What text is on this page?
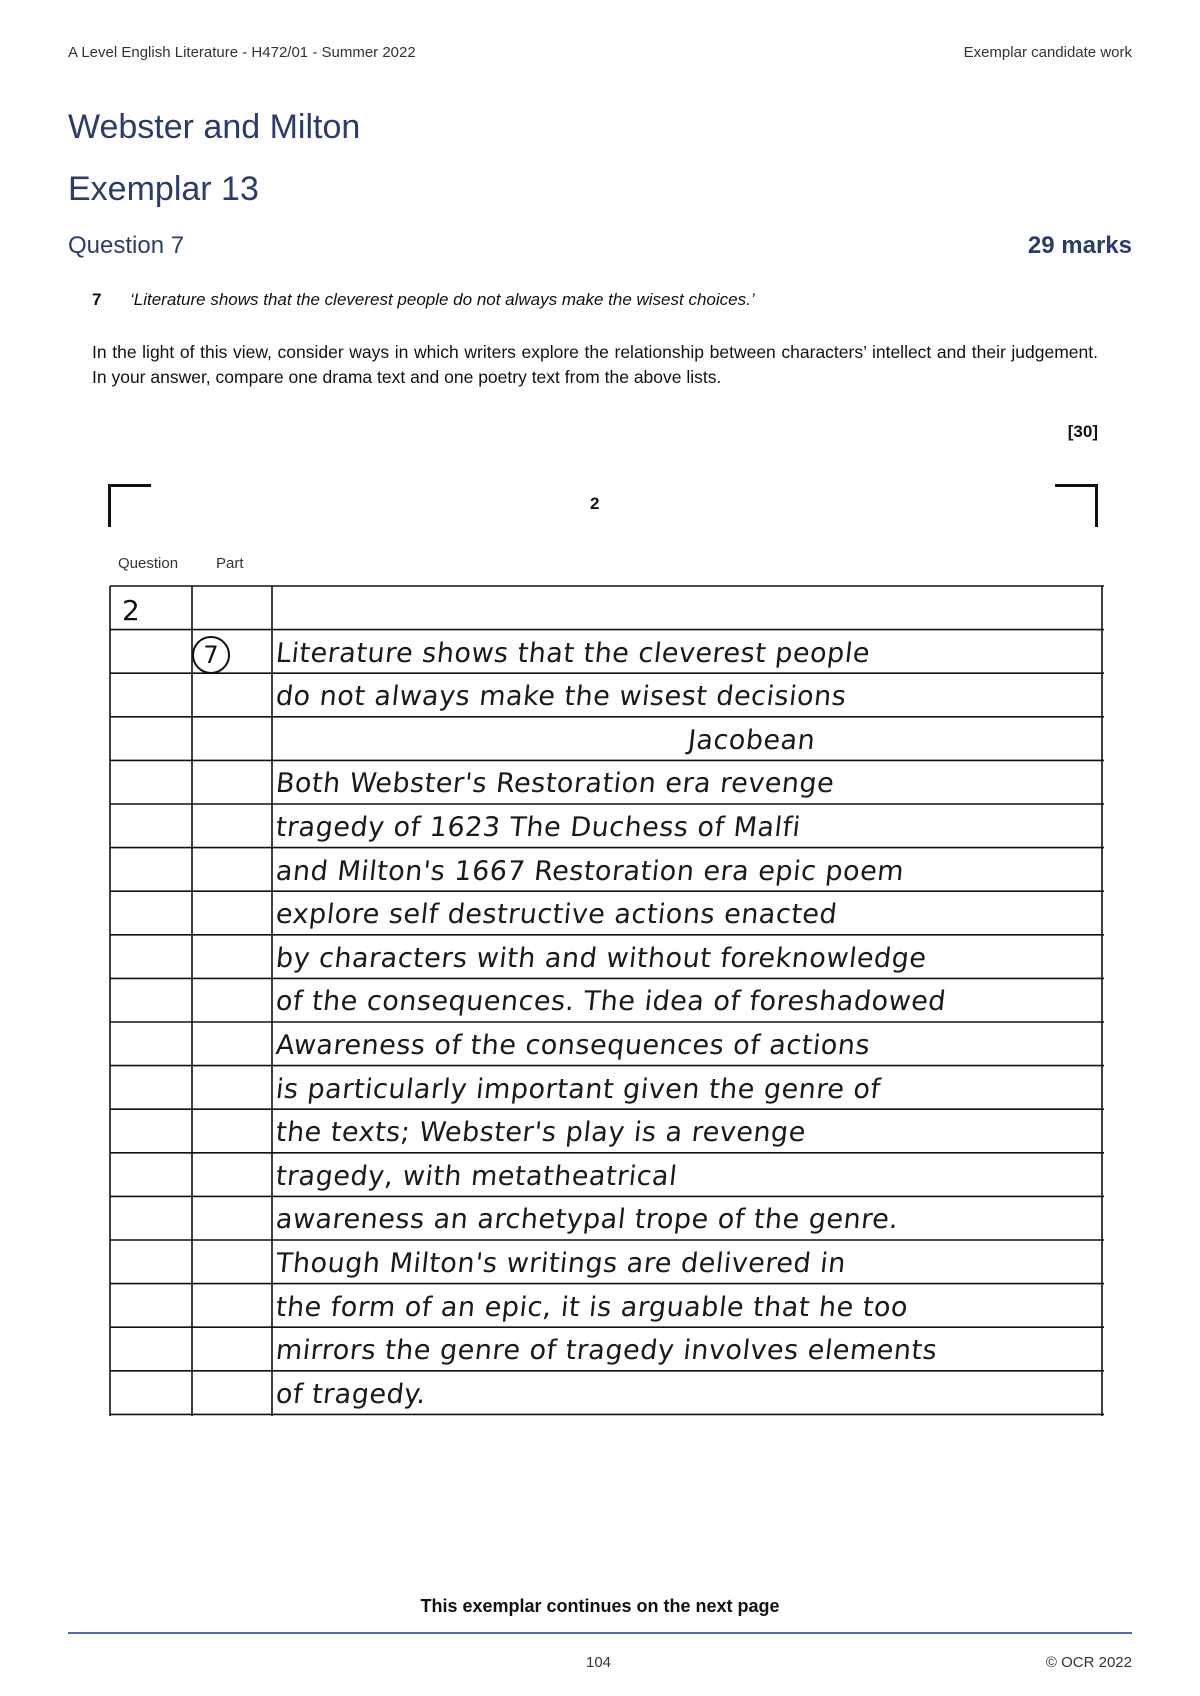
A Level English Literature - H472/01 - Summer 2022	Exemplar candidate work
Webster and Milton
Exemplar 13
Question 7	29 marks
7 ‘Literature shows that the cleverest people do not always make the wisest choices.’
In the light of this view, consider ways in which writers explore the relationship between characters’ intellect and their judgement. In your answer, compare one drama text and one poetry text from the above lists.
[30]
2
Question	Part
2
7	Literature shows that the cleverest people
do not always make the wisest decisions
Jacobean
Both Webster's Restoration era revenge
tragedy of 1623 The Duchess of Malfi
and Milton's 1667 Restoration era epic poem
explore self destructive actions enacted
by characters with and without foreknowledge
of the consequences. The idea of foreshadowed
Awareness of the consequences of actions
is particularly important given the genre of
the texts; Webster's play is a revenge
tragedy, with metatheatrical
awareness an archetypal trope of the genre.
Though Milton's writings are delivered in
the form of an epic, it is arguable that he too
mirrors the genre of tragedy involves elements
of tragedy.
This exemplar continues on the next page
104	© OCR 2022
